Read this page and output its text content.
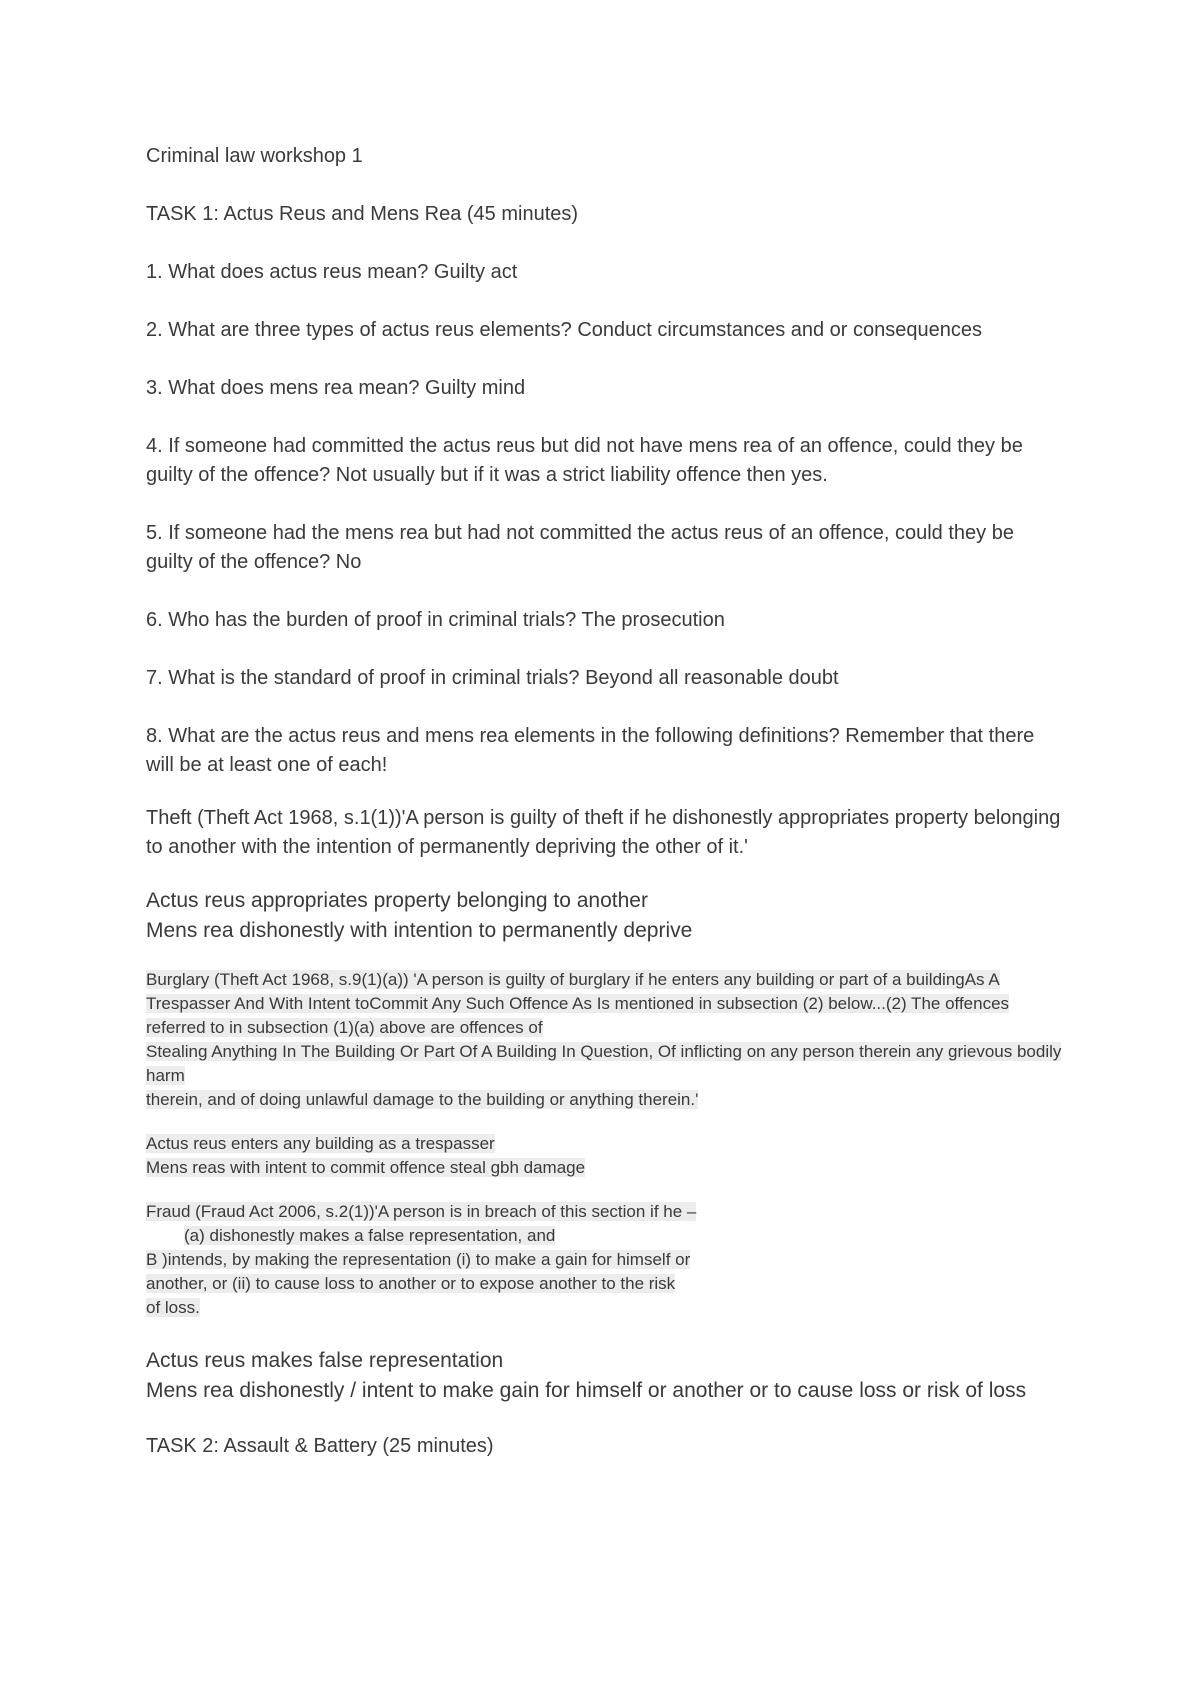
Criminal law workshop 1

TASK 1: Actus Reus and Mens Rea (45 minutes)

1. What does actus reus mean? Guilty act

2. What are three types of actus reus elements? Conduct circumstances and or consequences

3. What does mens rea mean? Guilty mind

4. If someone had committed the actus reus but did not have mens rea of an offence, could they be guilty of the offence? Not usually but if it was a strict liability offence then yes.

5. If someone had the mens rea but had not committed the actus reus of an offence, could they be guilty of the offence? No

6. Who has the burden of proof in criminal trials? The prosecution

7. What is the standard of proof in criminal trials? Beyond all reasonable doubt

8. What are the actus reus and mens rea elements in the following definitions? Remember that there will be at least one of each!

Theft (Theft Act 1968, s.1(1))'A person is guilty of theft if he dishonestly appropriates property belonging to another with the intention of permanently depriving the other of it.'

Actus reus appropriates property belonging to another

Mens rea dishonestly with intention to permanently deprive

Burglary (Theft Act 1968, s.9(1)(a)) 'A person is guilty of burglary if he enters any building or part of a buildingAs A Trespasser And With Intent toCommit Any Such Offence As Is mentioned in subsection (2) below...(2) The offences referred to in subsection (1)(a) above are offences of
Stealing Anything In The Building Or Part Of A Building In Question, Of inflicting on any person therein any grievous bodily harm
therein, and of doing unlawful damage to the building or anything therein.'
Actus reus enters any building as a trespasser
Mens reas with intent to commit offence steal gbh damage
Fraud (Fraud Act 2006, s.2(1))'A person is in breach of this section if he –
(a) dishonestly makes a false representation, and
B )intends, by making the representation (i) to make a gain for himself or
another, or (ii) to cause loss to another or to expose another to the risk
of loss.

Actus reus makes false representation

Mens rea dishonestly / intent to make gain for himself or another or to cause loss or risk of loss

TASK 2: Assault & Battery (25 minutes)
